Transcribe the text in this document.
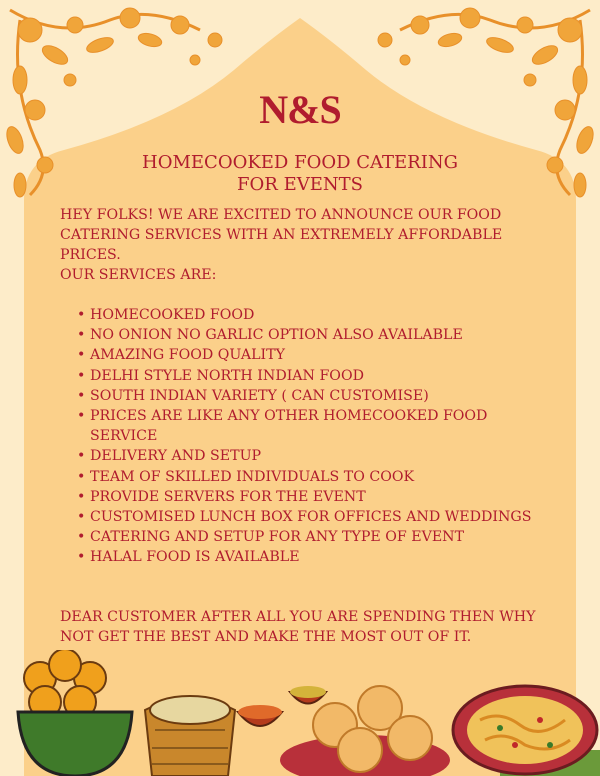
N&S
HOMECOOKED FOOD CATERING
FOR EVENTS
HEY FOLKS! WE ARE EXCITED TO ANNOUNCE OUR FOOD
CATERING SERVICES WITH AN EXTREMELY AFFORDABLE
PRICES.
OUR SERVICES ARE:
• HOMECOOKED FOOD
• NO ONION NO GARLIC OPTION ALSO AVAILABLE
• AMAZING FOOD QUALITY
• DELHI STYLE NORTH INDIAN FOOD
• SOUTH INDIAN VARIETY ( CAN CUSTOMISE)
• PRICES ARE LIKE ANY OTHER HOMECOOKED FOOD SERVICE
• DELIVERY AND SETUP
• TEAM OF SKILLED INDIVIDUALS TO COOK
• PROVIDE SERVERS FOR THE EVENT
• CUSTOMISED LUNCH BOX FOR OFFICES AND WEDDINGS
• CATERING AND SETUP FOR ANY TYPE OF EVENT
• HALAL FOOD IS AVAILABLE
DEAR CUSTOMER AFTER ALL YOU ARE SPENDING THEN WHY
NOT GET THE BEST AND MAKE THE MOST OUT OF IT.
